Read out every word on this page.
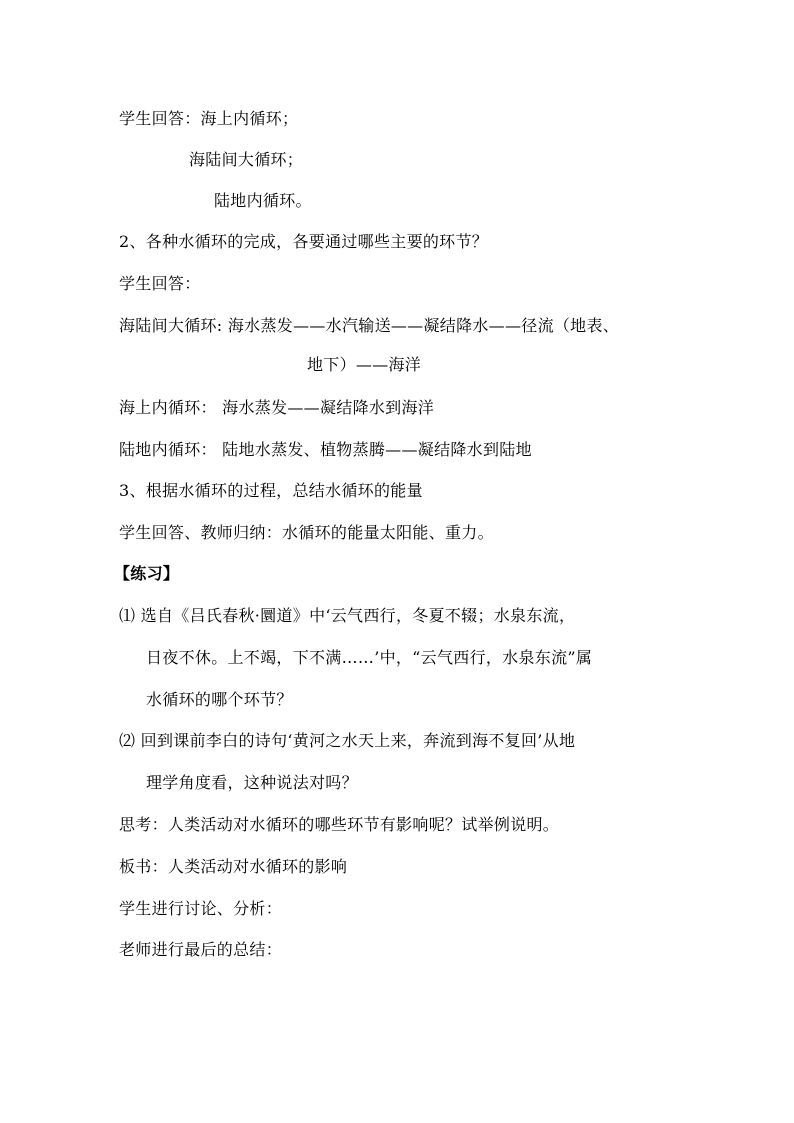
学生回答：海上内循环；
海陆间大循环；
陆地内循环。
2、各种水循环的完成，各要通过哪些主要的环节？
学生回答：
海陆间大循环: 海水蒸发——水汽输送——凝结降水——径流（地表、
地下）——海洋
海上内循环： 海水蒸发——凝结降水到海洋
陆地内循环： 陆地水蒸发、植物蒸腾——凝结降水到陆地
3、根据水循环的过程，总结水循环的能量
学生回答、教师归纳：水循环的能量太阳能、重力。
【练习】
⑴ 选自《吕氏春秋·圜道》中‘云气西行，冬夏不辍；水泉东流，
日夜不休。上不竭，下不满……’中，“云气西行，水泉东流”属
水循环的哪个环节？
⑵ 回到课前李白的诗句‘黄河之水天上来，奔流到海不复回’从地
理学角度看，这种说法对吗？
思考：人类活动对水循环的哪些环节有影响呢？试举例说明。
板书：人类活动对水循环的影响
学生进行讨论、分析：
老师进行最后的总结：
